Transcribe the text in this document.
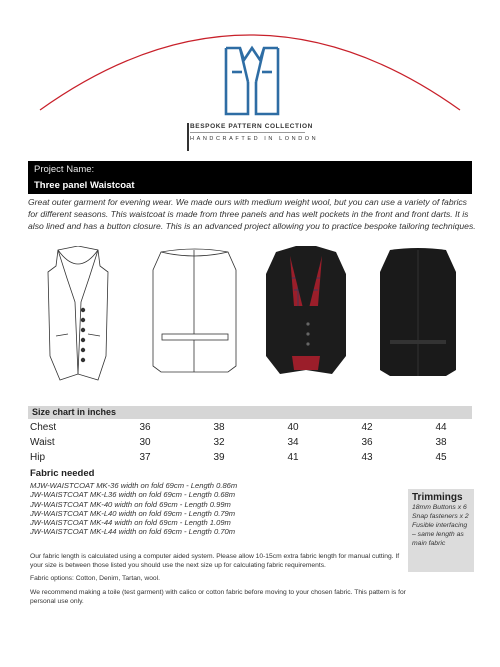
BESPOKE PATTERN COLLECTION
HANDCRAFTED IN LONDON
Project Name:
Three panel Waistcoat
Great outer garment for evening wear. We made ours with medium weight wool, but you can use a variety of fabrics for different seasons. This waistcoat is made from three panels and has welt pockets in the front and front darts. It is also lined and has a button closure. This is an advanced project allowing you to practice bespoke tailoring techniques.
Size chart in inches
Chest	36	38	40	42	44
Waist	30	32	34	36	38
Hip	37	39	41	43	45
Fabric needed
MJW-WAISTCOAT MK-36 width on fold 69cm - Length 0.86m
JW-WAISTCOAT MK-L36 width on fold 69cm - Length 0.68m
JW-WAISTCOAT MK-40 width on fold 69cm - Length 0.99m
JW-WAISTCOAT MK-L40 width on fold 69cm - Length 0.79m
JW-WAISTCOAT MK-44 width on fold 69cm - Length 1.09m
JW-WAISTCOAT MK-L44 width on fold 69cm - Length 0.70m
Trimmings
18mm Buttons x 6
Snap fasteners x 2
Fusible interfacing
– same length as
main fabric

Our fabric length is calculated using a computer aided system. Please allow 10-15cm extra fabric length for manual cutting. If your size is between those listed you should use the next size up for calculating fabric requirements.

Fabric options: Cotton, Denim, Tartan, wool.

We recommend making a toile (test garment) with calico or cotton fabric before moving to your chosen fabric. This pattern is for personal use only.
